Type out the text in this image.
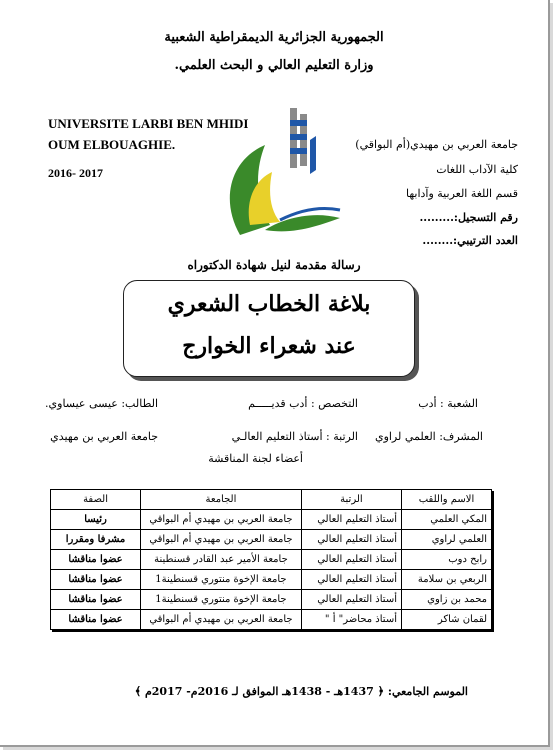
الجمهورية الجزائرية الديمقراطية الشعبية
وزارة التعليم العالي و البحث العلمي.
UNIVERSITE LARBI BEN MHIDI
OUM ELBOUAGHIE.
2016- 2017
جامعة العربي بن مهيدي(أم البواقي)
كلية الآداب اللغات
قسم اللغة العربية وآدابها
رقم التسجيل:.........
العدد الترتيبي:........
رسالة مقدمة لنيل شهادة الدكتوراه
بلاغة الخطاب الشعري
عند شعراء الخوارج
الشعبة : أدب
التخصص : أدب قديـــــم
الطالب: عيسى عيساوي.
المشرف: العلمي لراوي
الرتبة : أستاذ التعليم العالـي
جامعة العربي بن مهيدي
أعضاء لجنة المناقشة
الاسم واللقب	الرتبة	الجامعة	الصفة
المكي العلمي	أستاذ التعليم العالي	جامعة العربي بن مهيدي أم البواقي	رئيسا
العلمي لراوي	أستاذ التعليم العالي	جامعة العربي بن مهيدي أم البواقي	مشرفا ومقررا
رابح دوب	أستاذ التعليم العالي	جامعة الأمير عبد القادر قسنطينة	عضوا مناقشا
الربعي بن سلامة	أستاذ التعليم العالي	جامعة الإخوة منتوري قسنطينة1	عضوا مناقشا
محمد بن زاوي	أستاذ التعليم العالي	جامعة الإخوة منتوري قسنطينة1	عضوا مناقشا
لقمان شاكر	أستاذ محاضر" أ "	جامعة العربي بن مهيدي أم البواقي	عضوا مناقشا
الموسم الجامعي: ﴿ 1437هـ - 1438هـ الموافق لـ 2016م- 2017م ﴾
